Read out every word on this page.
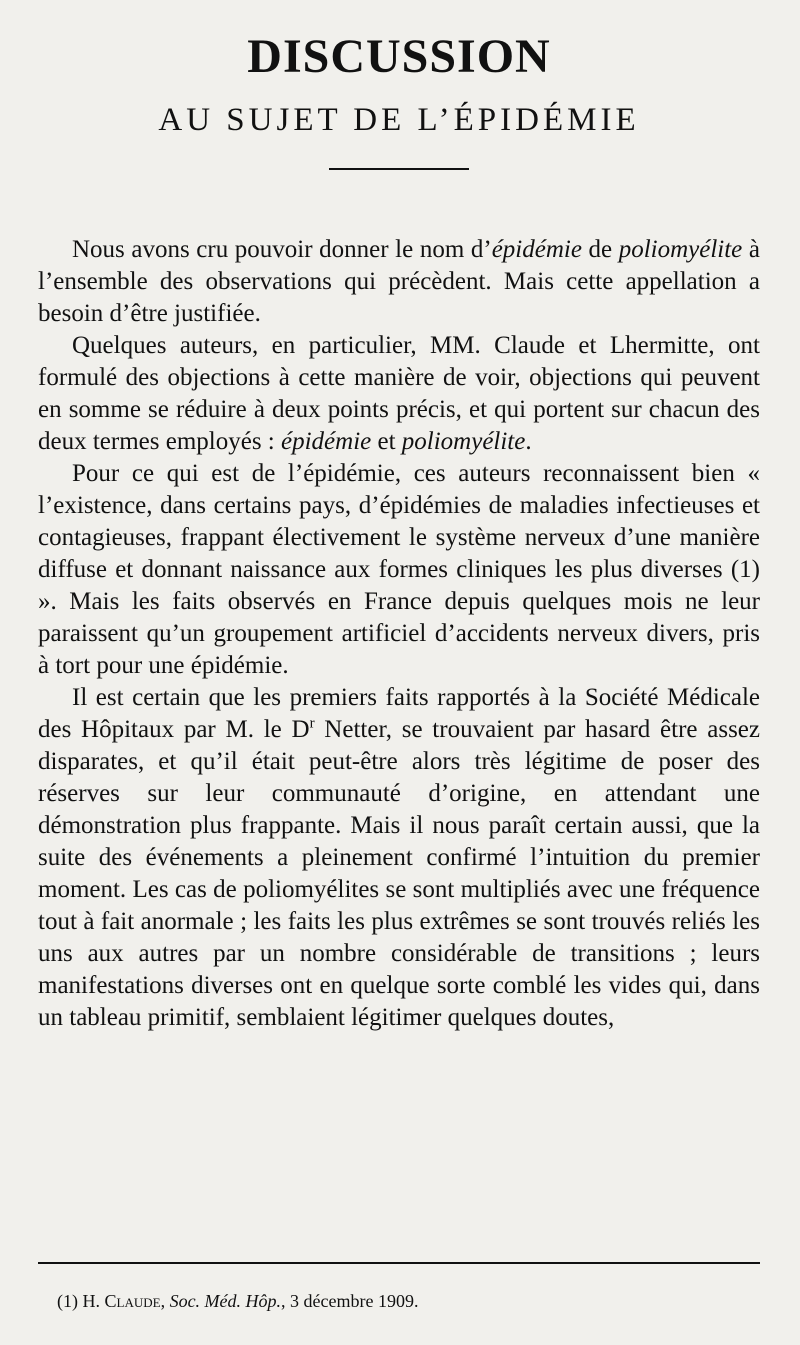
DISCUSSION
AU SUJET DE L’ÉPIDÉMIE

Nous avons cru pouvoir donner le nom d’épidémie de poliomyélite à l’ensemble des observations qui précèdent. Mais cette appellation a besoin d’être justifiée.

Quelques auteurs, en particulier, MM. Claude et Lhermitte, ont formulé des objections à cette manière de voir, objections qui peuvent en somme se réduire à deux points précis, et qui portent sur chacun des deux termes employés : épidémie et poliomyélite.

Pour ce qui est de l’épidémie, ces auteurs reconnaissent bien « l’existence, dans certains pays, d’épidémies de maladies infectieuses et contagieuses, frappant électivement le système nerveux d’une manière diffuse et donnant naissance aux formes cliniques les plus diverses (1) ». Mais les faits observés en France depuis quelques mois ne leur paraissent qu’un groupement artificiel d’accidents nerveux divers, pris à tort pour une épidémie.

Il est certain que les premiers faits rapportés à la Société Médicale des Hôpitaux par M. le $D^r$ Netter, se trouvaient par hasard être assez disparates, et qu’il était peut-être alors très légitime de poser des réserves sur leur communauté d’origine, en attendant une démonstration plus frappante. Mais il nous paraît certain aussi, que la suite des événements a pleinement confirmé l’intuition du premier moment. Les cas de poliomyélites se sont multipliés avec une fréquence tout à fait anormale ; les faits les plus extrêmes se sont trouvés reliés les uns aux autres par un nombre considérable de transitions ; leurs manifestations diverses ont en quelque sorte comblé les vides qui, dans un tableau primitif, semblaient légitimer quelques doutes,

(1) H. Claude, Soc. Méd. Hôp., 3 décembre 1909.
